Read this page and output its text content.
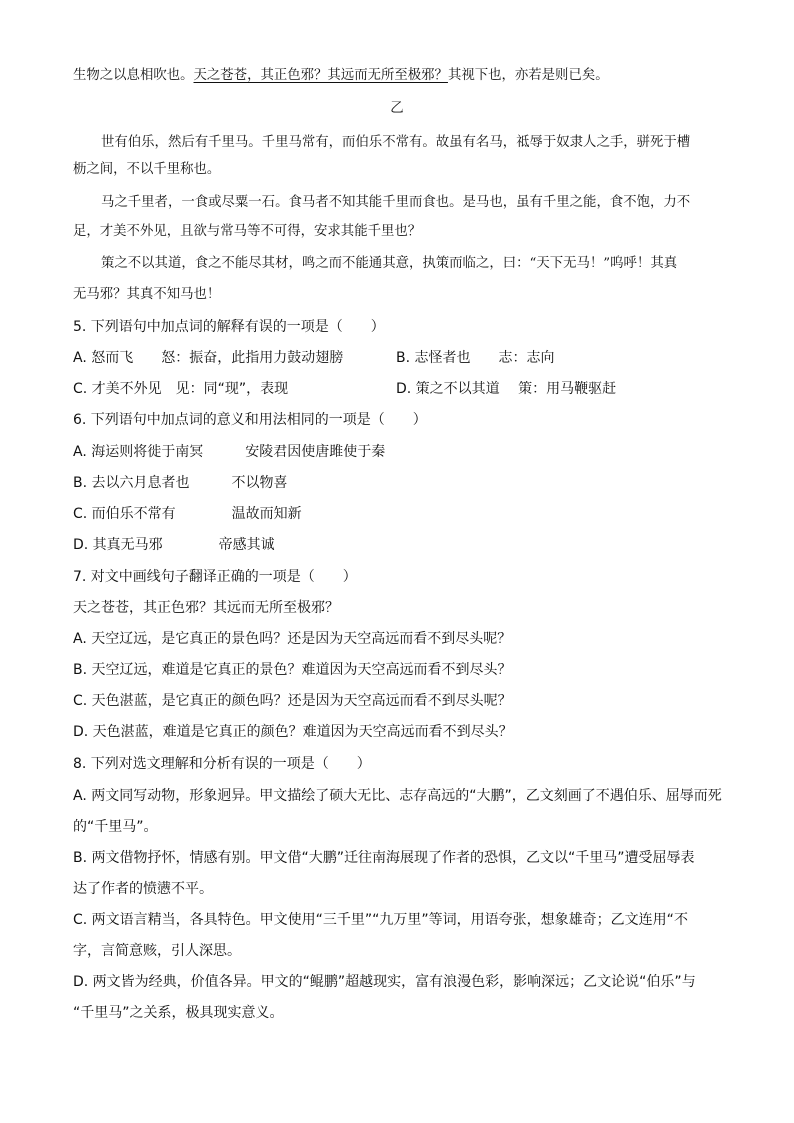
生物之以息相吹也。天之苍苍，其正色邪？其远而无所至极邪？其视下也，亦若是则已矣。
乙
世有伯乐，然后有千里马。千里马常有，而伯乐不常有。故虽有名马，祗辱于奴隶人之手，骈死于槽
枥之间，不以千里称也。
马之千里者，一食或尽粟一石。食马者不知其能千里而食也。是马也，虽有千里之能，食不饱，力不
足，才美不外见，且欲与常马等不可得，安求其能千里也？
策之不以其道，食之不能尽其材，鸣之而不能通其意，执策而临之，曰：“天下无马！”呜呼！其真
无马邪？其真不知马也！
5. 下列语句中加点词的解释有误的一项是（　　）
A. 怒而飞　　怒：振奋，此指用力鼓动翅膀	B. 志怪者也　　志：志向
C. 才美不外见　见：同“现”，表现	D. 策之不以其道　 策：用马鞭驱赶
6. 下列语句中加点词的意义和用法相同的一项是（　　）
A. 海运则将徙于南冥　　　安陵君因使唐雎使于秦
B. 去以六月息者也　　　不以物喜
C. 而伯乐不常有　　　　温故而知新
D. 其真无马邪　　　　帝感其诚
7. 对文中画线句子翻译正确的一项是（　　）
天之苍苍，其正色邪？其远而无所至极邪？
A. 天空辽远，是它真正的景色吗？还是因为天空高远而看不到尽头呢？
B. 天空辽远，难道是它真正的景色？难道因为天空高远而看不到尽头？
C. 天色湛蓝，是它真正的颜色吗？还是因为天空高远而看不到尽头呢？
D. 天色湛蓝，难道是它真正的颜色？难道因为天空高远而看不到尽头？
8. 下列对选文理解和分析有误的一项是（　　）
A. 两文同写动物，形象迥异。甲文描绘了硕大无比、志存高远的“大鹏”，乙文刻画了不遇伯乐、屈辱而死
的“千里马”。
B. 两文借物抒怀，情感有别。甲文借“大鹏”迁往南海展现了作者的恐惧，乙文以“千里马”遭受屈辱表
达了作者的愤懑不平。
C. 两文语言精当，各具特色。甲文使用“三千里”“九万里”等词，用语夸张，想象雄奇；乙文连用“不
字，言简意赅，引人深思。
D. 两文皆为经典，价值各异。甲文的“鲲鹏”超越现实，富有浪漫色彩，影响深远；乙文论说“伯乐”与
“千里马”之关系，极具现实意义。
